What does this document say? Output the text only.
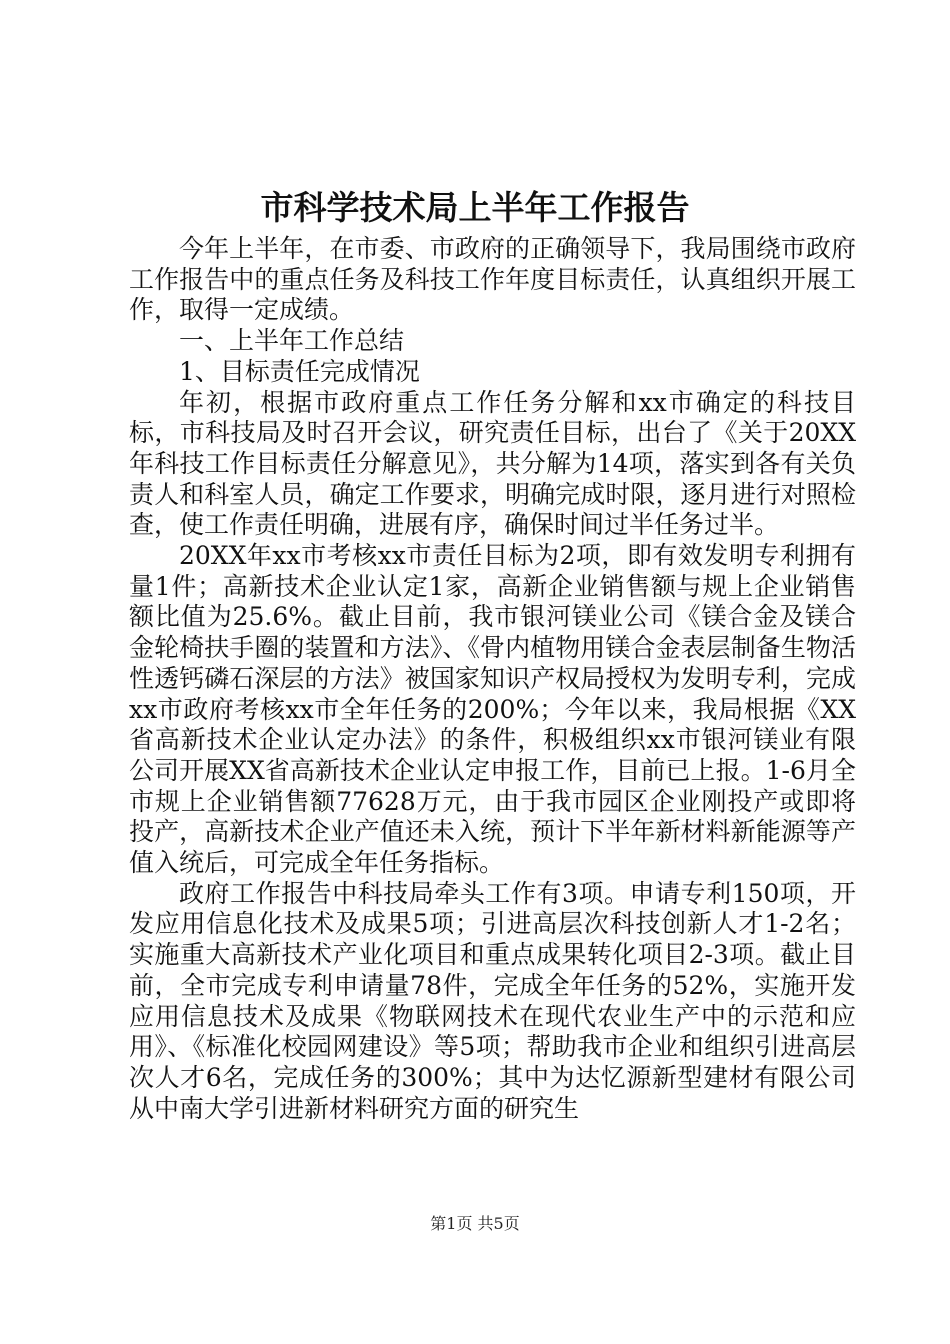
市科学技术局上半年工作报告

今年上半年，在市委、市政府的正确领导下，我局围绕市政府工作报告中的重点任务及科技工作年度目标责任，认真组织开展工作，取得一定成绩。

一、上半年工作总结

1、目标责任完成情况

年初，根据市政府重点工作任务分解和xx市确定的科技目标，市科技局及时召开会议，研究责任目标，出台了《关于20XX年科技工作目标责任分解意见》，共分解为14项，落实到各有关负责人和科室人员，确定工作要求，明确完成时限，逐月进行对照检查，使工作责任明确，进展有序，确保时间过半任务过半。

20XX年xx市考核xx市责任目标为2项，即有效发明专利拥有量1件；高新技术企业认定1家，高新企业销售额与规上企业销售额比值为25.6%。截止目前，我市银河镁业公司《镁合金及镁合金轮椅扶手圈的装置和方法》、《骨内植物用镁合金表层制备生物活性透钙磷石深层的方法》被国家知识产权局授权为发明专利，完成xx市政府考核xx市全年任务的200%；今年以来，我局根据《XX省高新技术企业认定办法》的条件，积极组织xx市银河镁业有限公司开展XX省高新技术企业认定申报工作，目前已上报。1-6月全市规上企业销售额77628万元，由于我市园区企业刚投产或即将投产，高新技术企业产值还未入统，预计下半年新材料新能源等产值入统后，可完成全年任务指标。

政府工作报告中科技局牵头工作有3项。申请专利150项，开发应用信息化技术及成果5项；引进高层次科技创新人才1-2名；实施重大高新技术产业化项目和重点成果转化项目2-3项。截止目前，全市完成专利申请量78件，完成全年任务的52%，实施开发应用信息技术及成果《物联网技术在现代农业生产中的示范和应用》、《标准化校园网建设》等5项；帮助我市企业和组织引进高层次人才6名，完成任务的300%；其中为达忆源新型建材有限公司从中南大学引进新材料研究方面的研究生

第1页 共5页
